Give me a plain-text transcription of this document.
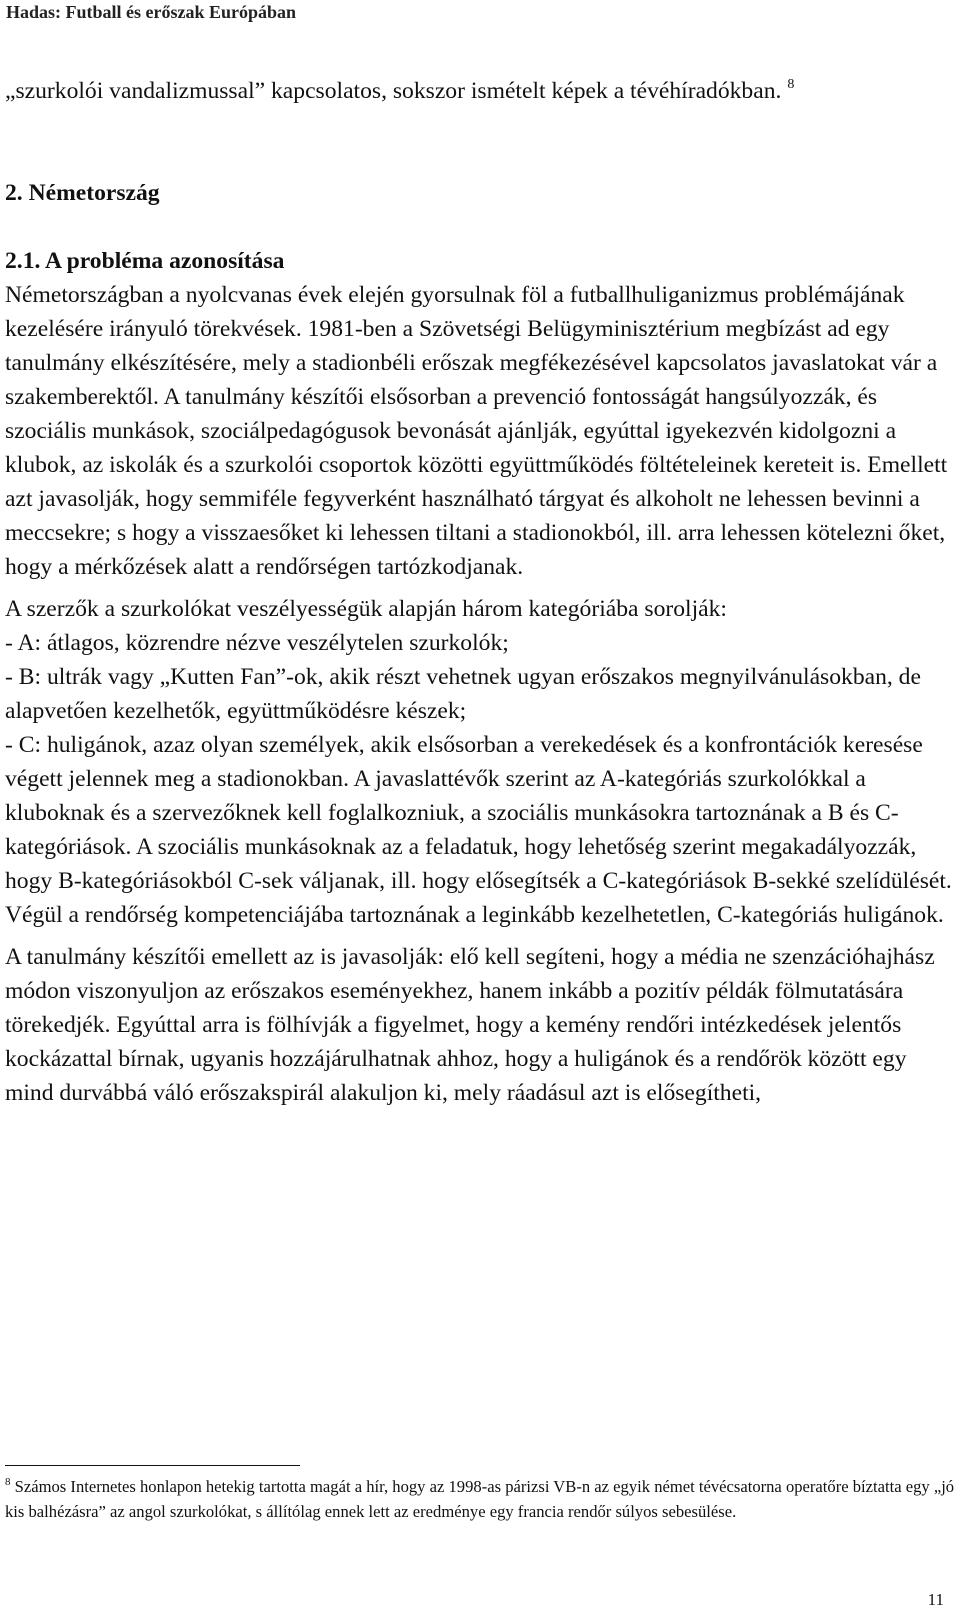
Hadas: Futball és erőszak Európában

„szurkolói vandalizmussal” kapcsolatos, sokszor ismételt képek a tévéhíradókban. $^8$

2. Németország

2.1. A probléma azonosítása

Németországban a nyolcvanas évek elején gyorsulnak föl a futballhuliganizmus problémájának kezelésére irányuló törekvések. 1981-ben a Szövetségi Belügyminisztérium megbízást ad egy tanulmány elkészítésére, mely a stadionbéli erőszak megfékezésével kapcsolatos javaslatokat vár a szakemberektől. A tanulmány készítői elsősorban a prevenció fontosságát hangsúlyozzák, és szociális munkások, szociálpedagógusok bevonását ajánlják, egyúttal igyekezvén kidolgozni a klubok, az iskolák és a szurkolói csoportok közötti együttműködés föltételeinek kereteit is. Emellett azt javasolják, hogy semmiféle fegyverként használható tárgyat és alkoholt ne lehessen bevinni a meccsekre; s hogy a visszaesőket ki lehessen tiltani a stadionokból, ill. arra lehessen kötelezni őket, hogy a mérkőzések alatt a rendőrségen tartózkodjanak.

A szerzők a szurkolókat veszélyességük alapján három kategóriába sorolják:
- A: átlagos, közrendre nézve veszélytelen szurkolók;
- B: ultrák vagy „Kutten Fan”-ok, akik részt vehetnek ugyan erőszakos megnyilvánulásokban, de alapvetően kezelhetők, együttműködésre készek;
- C: huligánok, azaz olyan személyek, akik elsősorban a verekedések és a konfrontációk keresése végett jelennek meg a stadionokban. A javaslattévők szerint az A-kategóriás szurkolókkal a kluboknak és a szervezőknek kell foglalkozniuk, a szociális munkásokra tartoznának a B és C-kategóriások. A szociális munkásoknak az a feladatuk, hogy lehetőség szerint megakadályozzák, hogy B-kategóriásokból C-sek váljanak, ill. hogy elősegítsék a C-kategóriások B-sekké szelídülését. Végül a rendőrség kompetenciájába tartoznának a leginkább kezelhetetlen, C-kategóriás huligánok.

A tanulmány készítői emellett az is javasolják: elő kell segíteni, hogy a média ne szenzációhajhász módon viszonyuljon az erőszakos eseményekhez, hanem inkább a pozitív példák fölmutatására törekedjék. Egyúttal arra is fölhívják a figyelmet, hogy a kemény rendőri intézkedések jelentős kockázattal bírnak, ugyanis hozzájárulhatnak ahhoz, hogy a huligánok és a rendőrök között egy mind durvábbá váló erőszakspirál alakuljon ki, mely ráadásul azt is elősegítheti,

$^8$ Számos Internetes honlapon hetekig tartotta magát a hír, hogy az 1998-as párizsi VB-n az egyik német tévécsatorna operatőre bíztatta egy „jó kis balhézásra” az angol szurkolókat, s állítólag ennek lett az eredménye egy francia rendőr súlyos sebesülése.
11
